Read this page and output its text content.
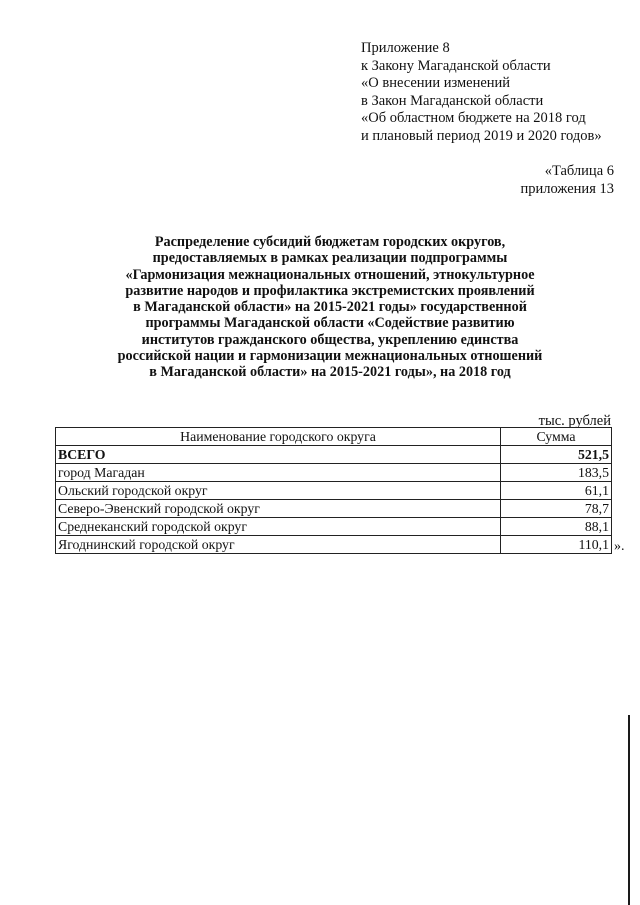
Приложение 8
к Закону Магаданской области
«О внесении изменений
в Закон Магаданской области
«Об областном бюджете на 2018 год
и плановый период 2019 и 2020 годов»
«Таблица 6
приложения 13
Распределение субсидий бюджетам городских округов,
предоставляемых в рамках реализации подпрограммы
«Гармонизация межнациональных отношений, этнокультурное
развитие народов и профилактика экстремистских проявлений
в Магаданской области» на 2015-2021 годы» государственной
программы Магаданской области «Содействие развитию
институтов гражданского общества, укреплению единства
российской нации и гармонизации межнациональных отношений
в Магаданской области» на 2015-2021 годы», на 2018 год
тыс. рублей
Наименование городского округа	Сумма
ВСЕГО	521,5
город Магадан	183,5
Ольский городской округ	61,1
Северо-Эвенский городской округ	78,7
Среднеканский городской округ	88,1
Ягоднинский городской округ	110,1 ».
